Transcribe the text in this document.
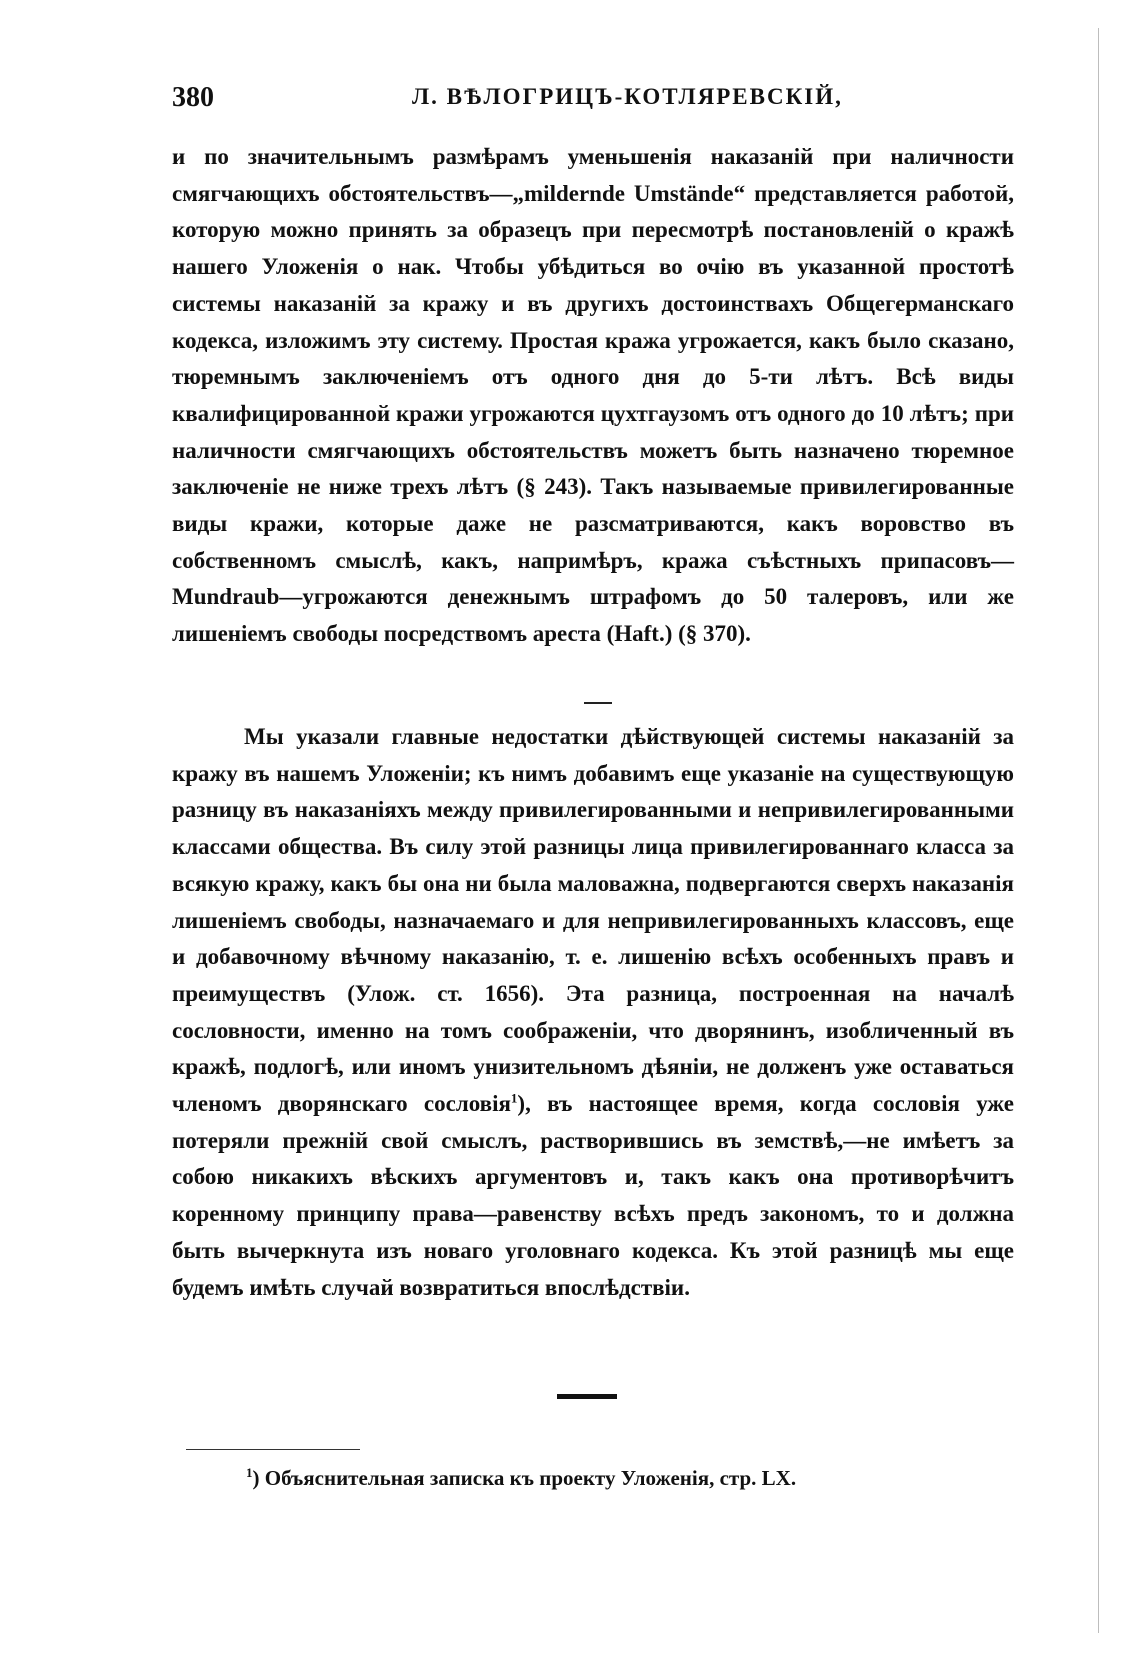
380	Л. ВѢЛОГРИЦЪ-КОТЛЯРЕВСКІЙ,
и по значительнымъ размѣрамъ уменьшенія наказаній при наличности смягчающихъ обстоятельствъ—„mildernde Umstände“ представляется работой, которую можно принять за образецъ при пересмотрѣ постановленій о кражѣ нашего Уложенія о нак. Чтобы убѣдиться во очію въ указанной простотѣ системы наказаній за кражу и въ другихъ достоинствахъ Общегерманскаго кодекса, изложимъ эту систему. Простая кража угрожается, какъ было сказано, тюремнымъ заключеніемъ отъ одного дня до 5-ти лѣтъ. Всѣ виды квалифицированной кражи угрожаются цухтгаузомъ отъ одного до 10 лѣтъ; при наличности смягчающихъ обстоятельствъ можетъ быть назначено тюремное заключеніе не ниже трехъ лѣтъ (§ 243). Такъ называемые привилегированные виды кражи, которые даже не разсматриваются, какъ воровство въ собственномъ смыслѣ, какъ, напримѣръ, кража съѣстныхъ припасовъ—Mundraub—угрожаются денежнымъ штрафомъ до 50 талеровъ, или же лишеніемъ свободы посредствомъ ареста (Haft.) (§ 370).
Мы указали главные недостатки дѣйствующей системы наказаній за кражу въ нашемъ Уложеніи; къ нимъ добавимъ еще указаніе на существующую разницу въ наказаніяхъ между привилегированными и непривилегированными классами общества. Въ силу этой разницы лица привилегированнаго класса за всякую кражу, какъ бы она ни была маловажна, подвергаются сверхъ наказанія лишеніемъ свободы, назначаемаго и для непривилегированныхъ классовъ, еще и добавочному вѣчному наказанію, т. е. лишенію всѣхъ особенныхъ правъ и преимуществъ (Улож. ст. 1656). Эта разница, построенная на началѣ сословности, именно на томъ соображеніи, что дворянинъ, изобличенный въ кражѣ, подлогѣ, или иномъ унизительномъ дѣяніи, не долженъ уже оставаться членомъ дворянскаго сословія$^1$), въ настоящее время, когда сословія уже потеряли прежній свой смыслъ, растворившись въ земствѣ,—не имѣетъ за собою никакихъ вѣскихъ аргументовъ и, такъ какъ она противорѣчитъ коренному принципу права—равенству всѣхъ предъ закономъ, то и должна быть вычеркнута изъ новаго уголовнаго кодекса. Къ этой разницѣ мы еще будемъ имѣть случай возвратиться впослѣдствіи.
$^1$) Объяснительная записка къ проекту Уложенія, стр. LX.
